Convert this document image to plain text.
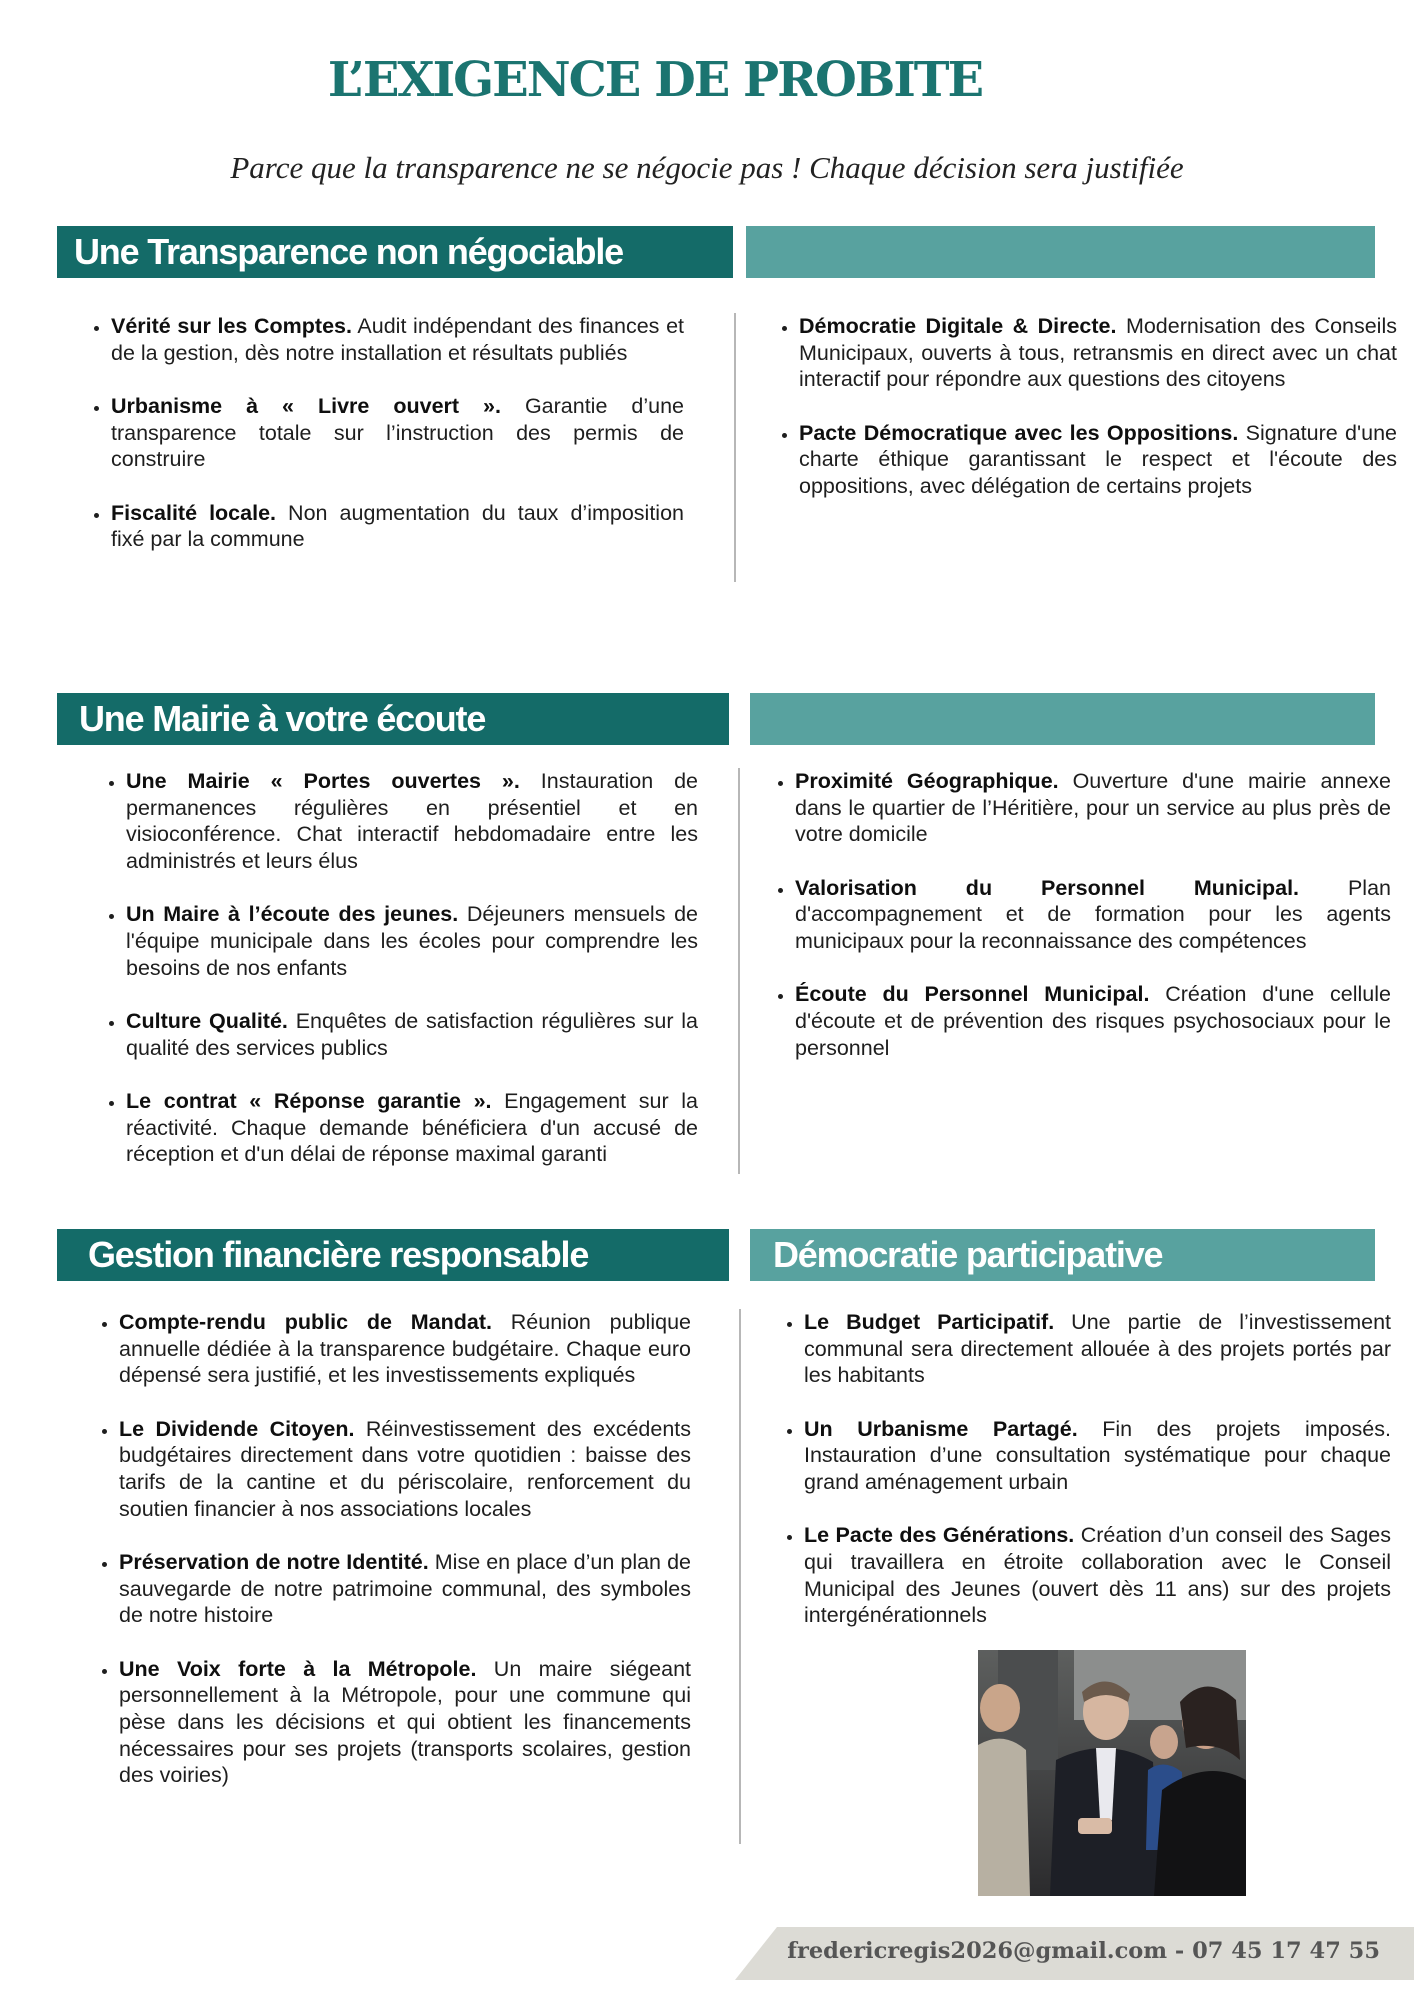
L’EXIGENCE DE PROBITE
Parce que la transparence ne se négocie pas ! Chaque décision sera justifiée
Une Transparence non négociable
• Vérité sur les Comptes. Audit indépendant des finances et de la gestion, dès notre installation et résultats publiés
• Urbanisme à « Livre ouvert ». Garantie d’une transparence totale sur l’instruction des permis de construire
• Fiscalité locale. Non augmentation du taux d’imposition fixé par la commune
• Démocratie Digitale & Directe. Modernisation des Conseils Municipaux, ouverts à tous, retransmis en direct avec un chat interactif pour répondre aux questions des citoyens
• Pacte Démocratique avec les Oppositions. Signature d'une charte éthique garantissant le respect et l'écoute des oppositions, avec délégation de certains projets
Une Mairie à votre écoute
• Une Mairie « Portes ouvertes ». Instauration de permanences régulières en présentiel et en visioconférence. Chat interactif hebdomadaire entre les administrés et leurs élus
• Un Maire à l’écoute des jeunes. Déjeuners mensuels de l'équipe municipale dans les écoles pour comprendre les besoins de nos enfants
• Culture Qualité. Enquêtes de satisfaction régulières sur la qualité des services publics
• Le contrat « Réponse garantie ». Engagement sur la réactivité. Chaque demande bénéficiera d'un accusé de réception et d'un délai de réponse maximal garanti
• Proximité Géographique. Ouverture d'une mairie annexe dans le quartier de l’Héritière, pour un service au plus près de votre domicile
• Valorisation du Personnel Municipal. Plan d'accompagnement et de formation pour les agents municipaux pour la reconnaissance des compétences
• Écoute du Personnel Municipal. Création d'une cellule d'écoute et de prévention des risques psychosociaux pour le personnel
Gestion financière responsable
• Compte-rendu public de Mandat. Réunion publique annuelle dédiée à la transparence budgétaire. Chaque euro dépensé sera justifié, et les investissements expliqués
• Le Dividende Citoyen. Réinvestissement des excédents budgétaires directement dans votre quotidien : baisse des tarifs de la cantine et du périscolaire, renforcement du soutien financier à nos associations locales
• Préservation de notre Identité. Mise en place d’un plan de sauvegarde de notre patrimoine communal, des symboles de notre histoire
• Une Voix forte à la Métropole. Un maire siégeant personnellement à la Métropole, pour une commune qui pèse dans les décisions et qui obtient les financements nécessaires pour ses projets (transports scolaires, gestion des voiries)
Démocratie participative
• Le Budget Participatif. Une partie de l’investissement communal sera directement allouée à des projets portés par les habitants
• Un Urbanisme Partagé. Fin des projets imposés. Instauration d’une consultation systématique pour chaque grand aménagement urbain
• Le Pacte des Générations. Création d’un conseil des Sages qui travaillera en étroite collaboration avec le Conseil Municipal des Jeunes (ouvert dès 11 ans) sur des projets intergénérationnels
fredericregis2026@gmail.com - 07 45 17 47 55
